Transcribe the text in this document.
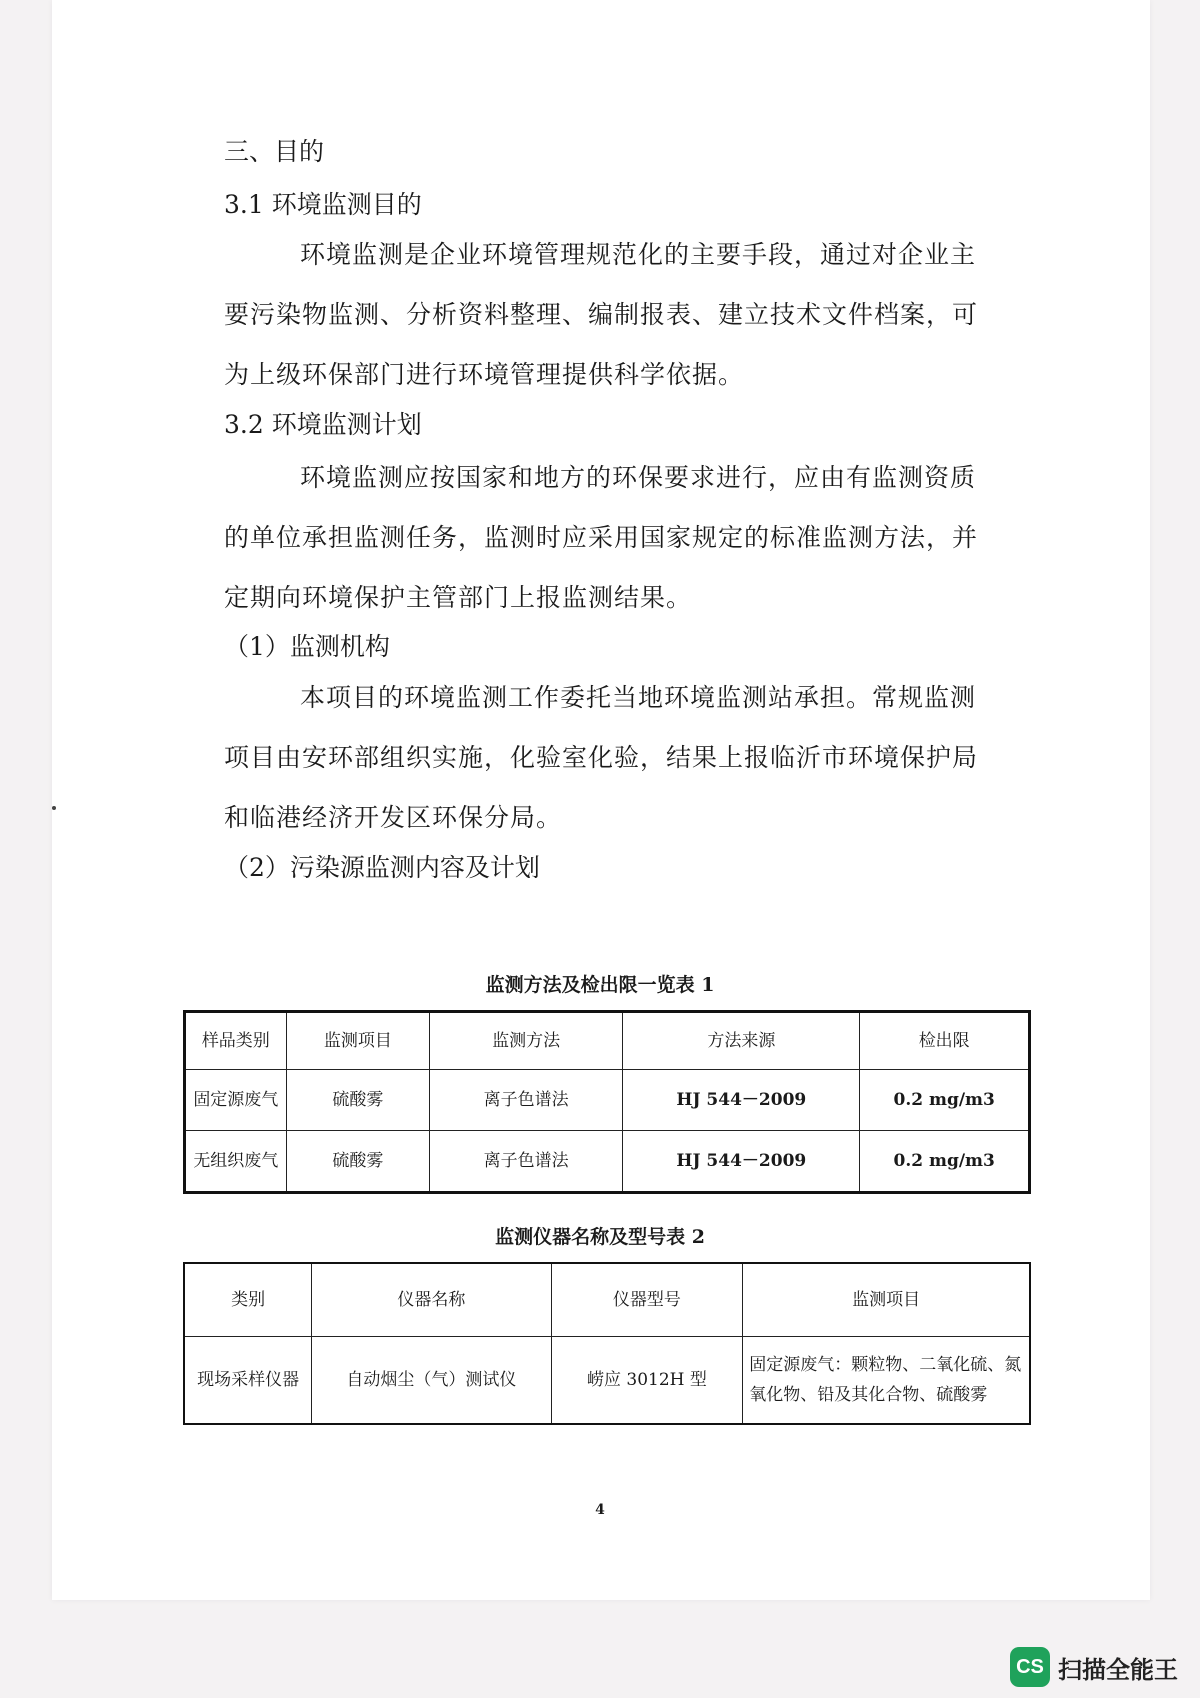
三、目的
3.1 环境监测目的
环境监测是企业环境管理规范化的主要手段，通过对企业主要污染物监测、分析资料整理、编制报表、建立技术文件档案，可为上级环保部门进行环境管理提供科学依据。
3.2 环境监测计划
环境监测应按国家和地方的环保要求进行，应由有监测资质的单位承担监测任务，监测时应采用国家规定的标准监测方法，并定期向环境保护主管部门上报监测结果。
（1）监测机构
本项目的环境监测工作委托当地环境监测站承担。常规监测项目由安环部组织实施，化验室化验，结果上报临沂市环境保护局和临港经济开发区环保分局。
（2）污染源监测内容及计划
监测方法及检出限一览表 1
样品类别	监测项目	监测方法	方法来源	检出限
固定源废气	硫酸雾	离子色谱法	HJ 544－2009	0.2 mg/m3
无组织废气	硫酸雾	离子色谱法	HJ 544－2009	0.2 mg/m3
监测仪器名称及型号表 2
类别	仪器名称	仪器型号	监测项目
现场采样仪器	自动烟尘（气）测试仪	崂应 3012H 型	固定源废气：颗粒物、二氧化硫、氮氧化物、铅及其化合物、硫酸雾
4
CS 扫描全能王
